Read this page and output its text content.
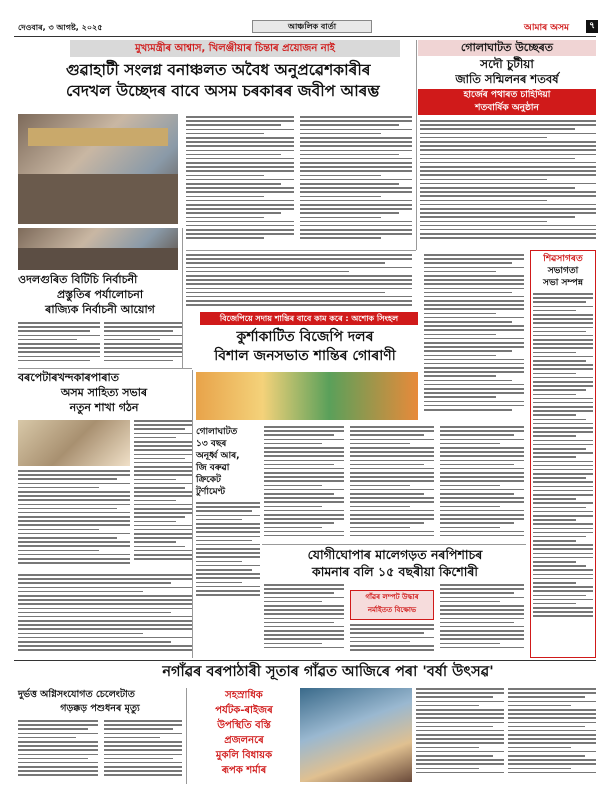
দেওবাৰ, ৩ আগষ্ট, ২০২৫	আঞ্চলিক বাৰ্তা	আমাৰ অসম	৭
মুখ্যমন্ত্ৰীৰ আশ্বাস, খিলঞ্জীয়াৰ চিন্তাৰ প্ৰয়োজন নাই
গুৱাহাটী সংলগ্ন বনাঞ্চলত অবৈধ অনুপ্ৰৱেশকাৰীৰ
বেদখল উচ্ছেদৰ বাবে অসম চৰকাৰৰ জবীপ আৰম্ভ
গোলাঘাটত উচ্ছেৰত
সদৌ চুটীয়া
জাতি সন্মিলনৰ শতবৰ্ষ
হাৰ্জেৰ পথাৰত চাহিদিয়া
শতবাৰ্ষিক অনুষ্ঠান
ওদলগুৰিত বিটিচি নিৰ্বাচনী
প্ৰস্তুতিৰ পৰ্যালোচনা
ৰাজ্যিক নিৰ্বাচনী আয়োগ
বিজেপিয়ে সদায় শান্তিৰ বাবে কাম কৰে : অশোক সিংহল
কুৰ্শাকাটিত বিজেপি দলৰ
বিশাল জনসভাত শান্তিৰ গোৰাণী
শিৱসাগৰত
সভাগতা
সভা সম্পন্ন
বৰপেটাৰখন্দকাৰপাৰাত
অসম সাহিত্য সভাৰ
নতুন শাখা গঠন
গোলাঘাটত
১৩ বছৰ
অনূৰ্ধ্ব আৰ,
জি বৰুৱা
ক্ৰিকেট
টুৰ্ণামেণ্ট
যোগীঘোপাৰ মালেগড়ত নৰপিশাচৰ
কামনাৰ বলি ১৫ বছৰীয়া কিশোৰী
গাঁৱৰ লম্পট উদ্ধাৰ
নৰ্মাইতত বিক্ষোভ
নগাঁৱৰ বৰপাঠাৰী সূতাৰ গাঁৱত আজিৰে পৰা 'বৰ্ষা উৎসৱ'
দুৰ্ভত্ত অগ্নিসংযোগত চেলেংটাত
গড়ক্কড় পশুধনৰ মৃত্যু
সহস্ৰাধিক
পৰ্যটক-ৰাইজৰ
উপস্থিতি বস্তি
প্ৰজলনৰে
মুকলি বিধায়ক
ৰূপক শৰ্মাৰ
